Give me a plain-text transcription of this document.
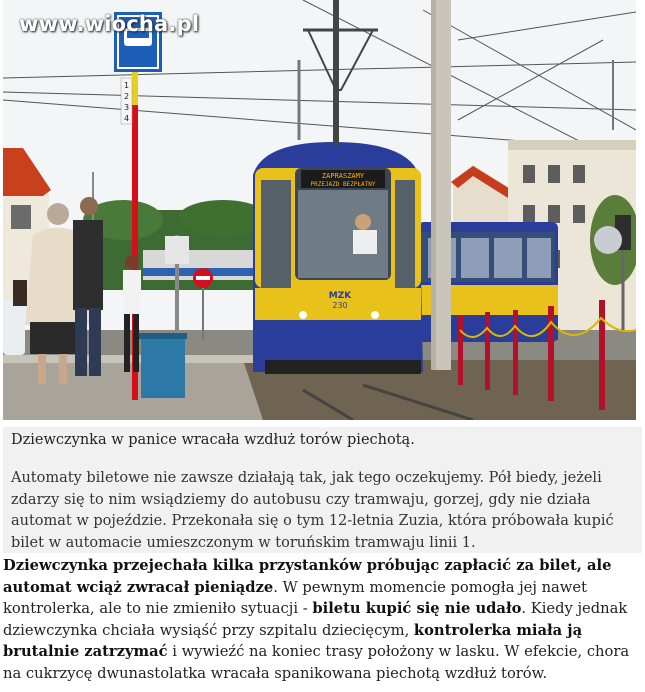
ZAPRASZAMY
PRZEJAZD BEZPŁATNY
MZK
230
1
2
3
4
www.wiocha.pl
Dziewczynka w panice wracała wzdłuż torów piechotą.
Automaty biletowe nie zawsze działają tak, jak tego oczekujemy. Pół biedy, jeżeli zdarzy się to nim wsiądziemy do autobusu czy tramwaju, gorzej, gdy nie działa automat w pojeździe. Przekonała się o tym 12-letnia Zuzia, która próbowała kupić bilet w automacie umieszczonym w toruńskim tramwaju linii 1.
Dziewczynka przejechała kilka przystanków próbując zapłacić za bilet, ale automat wciąż zwracał pieniądze. W pewnym momencie pomogła jej nawet kontrolerka, ale to nie zmieniło sytuacji - biletu kupić się nie udało. Kiedy jednak dziewczynka chciała wysiąść przy szpitalu dziecięcym, kontrolerka miała ją brutalnie zatrzymać i wywieźć na koniec trasy położony w lasku. W efekcie, chora na cukrzycę dwunastolatka wracała spanikowana piechotą wzdłuż torów.
